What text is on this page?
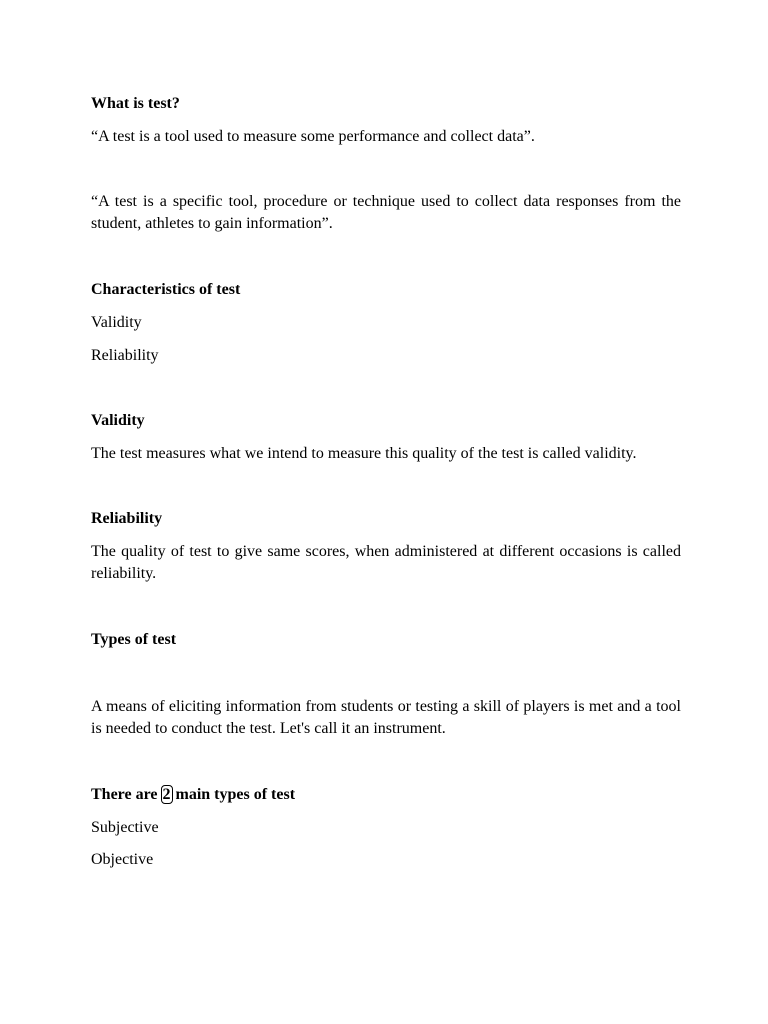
What is test?

“A test is a tool used to measure some performance and collect data”.

“A test is a specific tool, procedure or technique used to collect data responses from the student, athletes to gain information”.

Characteristics of test

Validity

Reliability

Validity

The test measures what we intend to measure this quality of the test is called validity.

Reliability

The quality of test to give same scores, when administered at different occasions is called reliability.

Types of test

A means of eliciting information from students or testing a skill of players is met and a tool is needed to conduct the test. Let's call it an instrument.

There are 2 main types of test

Subjective

Objective
